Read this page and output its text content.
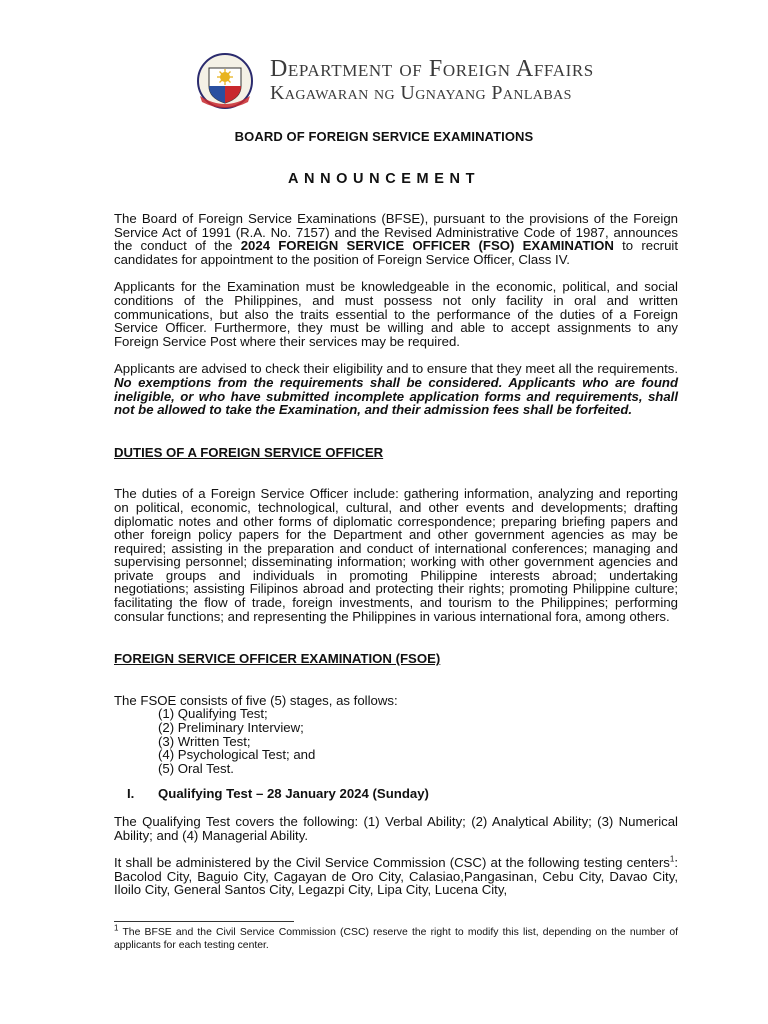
Department of Foreign Affairs
Kagawaran ng Ugnayang Panlabas
BOARD OF FOREIGN SERVICE EXAMINATIONS
ANNOUNCEMENT

The Board of Foreign Service Examinations (BFSE), pursuant to the provisions of the Foreign Service Act of 1991 (R.A. No. 7157) and the Revised Administrative Code of 1987, announces the conduct of the 2024 FOREIGN SERVICE OFFICER (FSO) EXAMINATION to recruit candidates for appointment to the position of Foreign Service Officer, Class IV.

Applicants for the Examination must be knowledgeable in the economic, political, and social conditions of the Philippines, and must possess not only facility in oral and written communications, but also the traits essential to the performance of the duties of a Foreign Service Officer. Furthermore, they must be willing and able to accept assignments to any Foreign Service Post where their services may be required.

Applicants are advised to check their eligibility and to ensure that they meet all the requirements. No exemptions from the requirements shall be considered. Applicants who are found ineligible, or who have submitted incomplete application forms and requirements, shall not be allowed to take the Examination, and their admission fees shall be forfeited.

DUTIES OF A FOREIGN SERVICE OFFICER

The duties of a Foreign Service Officer include: gathering information, analyzing and reporting on political, economic, technological, cultural, and other events and developments; drafting diplomatic notes and other forms of diplomatic correspondence; preparing briefing papers and other foreign policy papers for the Department and other government agencies as may be required; assisting in the preparation and conduct of international conferences; managing and supervising personnel; disseminating information; working with other government agencies and private groups and individuals in promoting Philippine interests abroad; undertaking negotiations; assisting Filipinos abroad and protecting their rights; promoting Philippine culture; facilitating the flow of trade, foreign investments, and tourism to the Philippines; performing consular functions; and representing the Philippines in various international fora, among others.

FOREIGN SERVICE OFFICER EXAMINATION (FSOE)

The FSOE consists of five (5) stages, as follows:

(1) Qualifying Test;
(2) Preliminary Interview;
(3) Written Test;
(4) Psychological Test; and
(5) Oral Test.
I.	Qualifying Test – 28 January 2024 (Sunday)

The Qualifying Test covers the following: (1) Verbal Ability; (2) Analytical Ability; (3) Numerical Ability; and (4) Managerial Ability.

It shall be administered by the Civil Service Commission (CSC) at the following testing centers$^1$: Bacolod City, Baguio City, Cagayan de Oro City, Calasiao,Pangasinan, Cebu City, Davao City, Iloilo City, General Santos City, Legazpi City, Lipa City, Lucena City,

$^1$ The BFSE and the Civil Service Commission (CSC) reserve the right to modify this list, depending on the number of applicants for each testing center.
